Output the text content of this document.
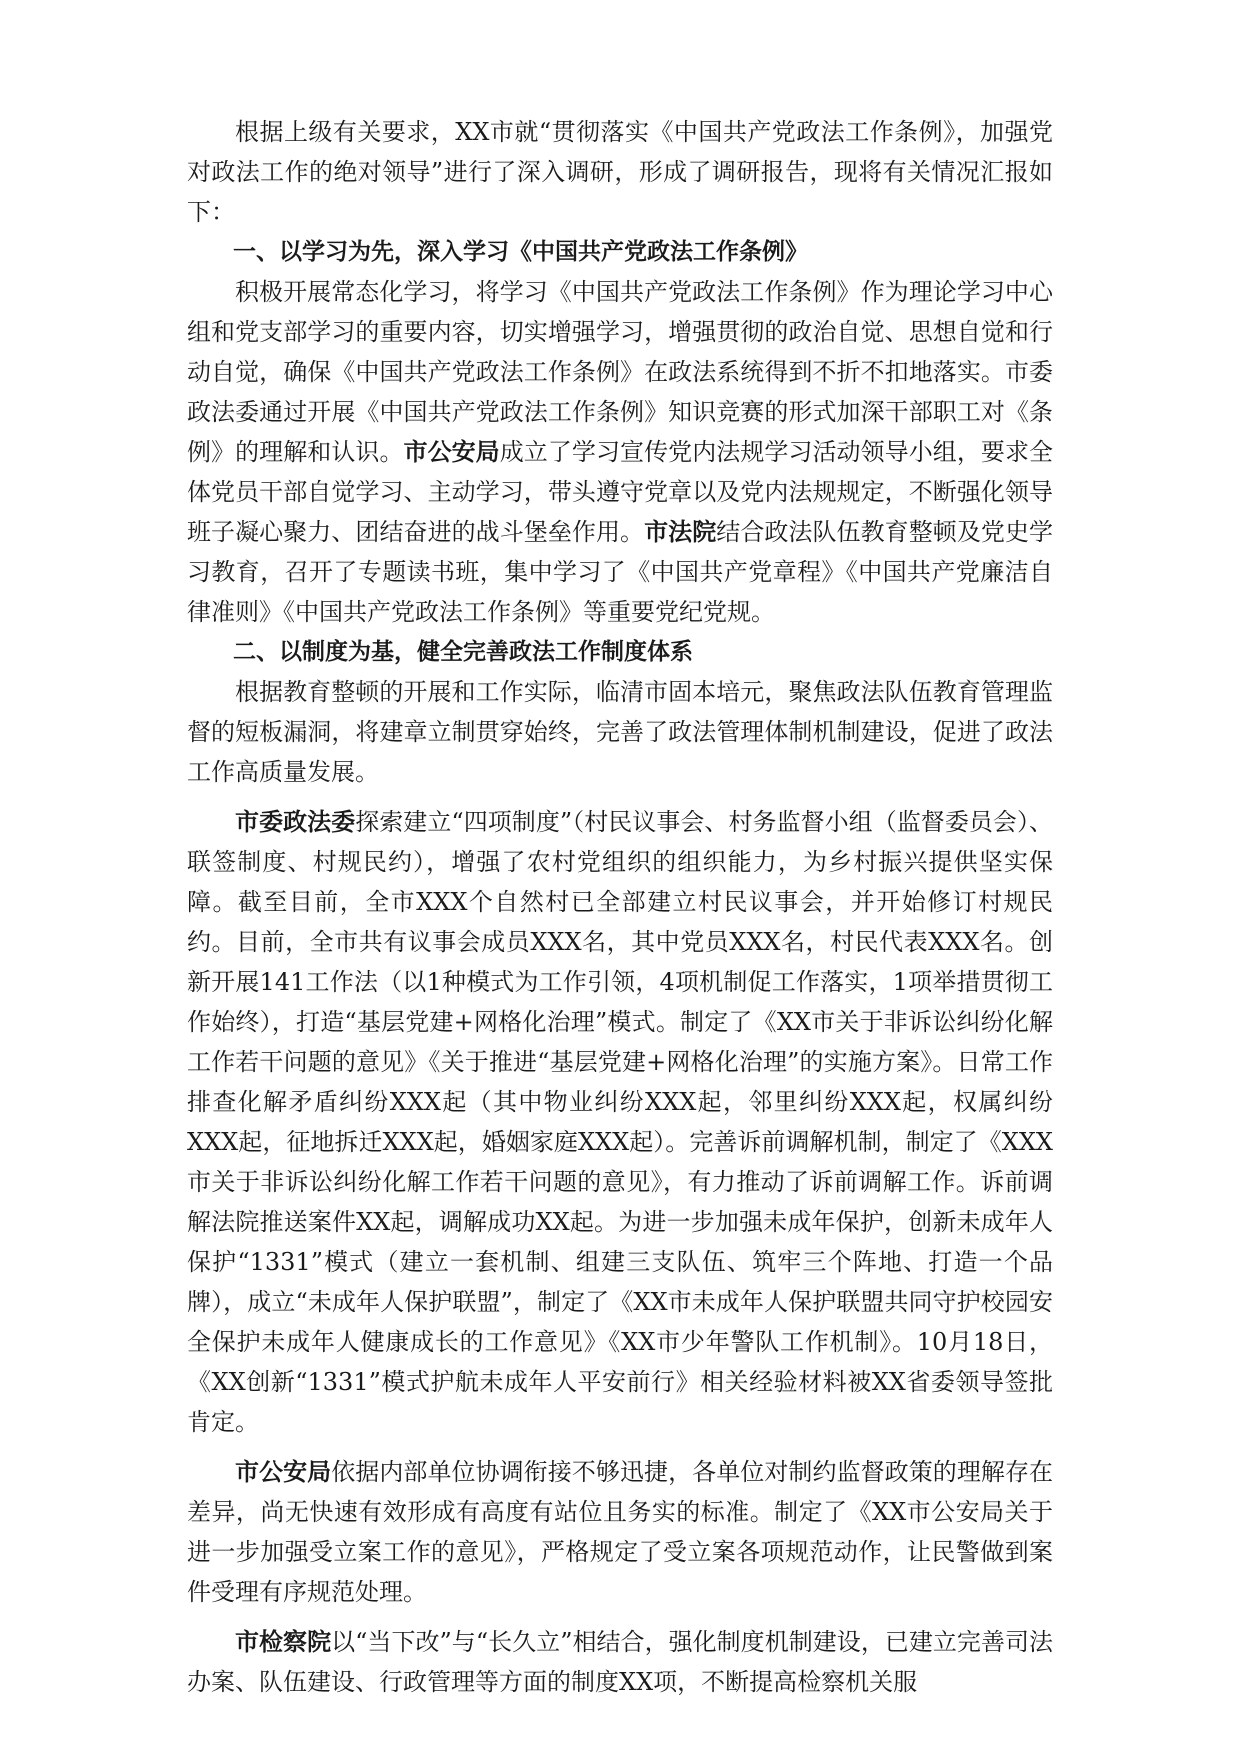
根据上级有关要求，XX市就“贯彻落实《中国共产党政法工作条例》，加强党对政法工作的绝对领导”进行了深入调研，形成了调研报告，现将有关情况汇报如下：

一、以学习为先，深入学习《中国共产党政法工作条例》

积极开展常态化学习，将学习《中国共产党政法工作条例》作为理论学习中心组和党支部学习的重要内容，切实增强学习，增强贯彻的政治自觉、思想自觉和行动自觉，确保《中国共产党政法工作条例》在政法系统得到不折不扣地落实。市委政法委通过开展《中国共产党政法工作条例》知识竞赛的形式加深干部职工对《条例》的理解和认识。市公安局成立了学习宣传党内法规学习活动领导小组，要求全体党员干部自觉学习、主动学习，带头遵守党章以及党内法规规定，不断强化领导班子凝心聚力、团结奋进的战斗堡垒作用。市法院结合政法队伍教育整顿及党史学习教育，召开了专题读书班，集中学习了《中国共产党章程》《中国共产党廉洁自律准则》《中国共产党政法工作条例》等重要党纪党规。

二、以制度为基，健全完善政法工作制度体系

根据教育整顿的开展和工作实际，临清市固本培元，聚焦政法队伍教育管理监督的短板漏洞，将建章立制贯穿始终，完善了政法管理体制机制建设，促进了政法工作高质量发展。

市委政法委探索建立“四项制度”（村民议事会、村务监督小组（监督委员会）、联签制度、村规民约），增强了农村党组织的组织能力，为乡村振兴提供坚实保障。截至目前，全市XXX个自然村已全部建立村民议事会，并开始修订村规民约。目前，全市共有议事会成员XXX名，其中党员XXX名，村民代表XXX名。创新开展141工作法（以1种模式为工作引领，4项机制促工作落实，1项举措贯彻工作始终），打造“基层党建+网格化治理”模式。制定了《XX市关于非诉讼纠纷化解工作若干问题的意见》《关于推进“基层党建+网格化治理”的实施方案》。日常工作排查化解矛盾纠纷XXX起（其中物业纠纷XXX起，邻里纠纷XXX起，权属纠纷XXX起，征地拆迁XXX起，婚姻家庭XXX起）。完善诉前调解机制，制定了《XXX市关于非诉讼纠纷化解工作若干问题的意见》，有力推动了诉前调解工作。诉前调解法院推送案件XX起，调解成功XX起。为进一步加强未成年保护，创新未成年人保护“1331”模式（建立一套机制、组建三支队伍、筑牢三个阵地、打造一个品牌），成立“未成年人保护联盟”，制定了《XX市未成年人保护联盟共同守护校园安全保护未成年人健康成长的工作意见》《XX市少年警队工作机制》。10月18日，《XX创新“1331”模式护航未成年人平安前行》相关经验材料被XX省委领导签批肯定。

市公安局依据内部单位协调衔接不够迅捷，各单位对制约监督政策的理解存在差异，尚无快速有效形成有高度有站位且务实的标准。制定了《XX市公安局关于进一步加强受立案工作的意见》，严格规定了受立案各项规范动作，让民警做到案件受理有序规范处理。

市检察院以“当下改”与“长久立”相结合，强化制度机制建设，已建立完善司法办案、队伍建设、行政管理等方面的制度XX项，不断提高检察机关服
